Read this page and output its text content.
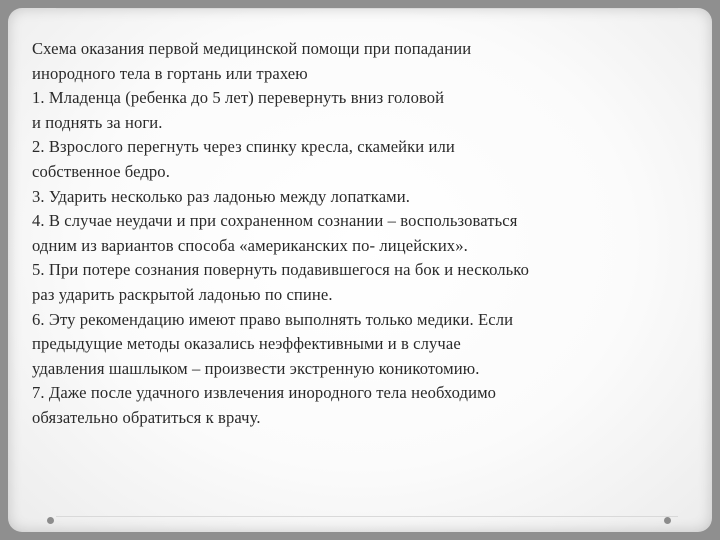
Схема оказания первой медицинской помощи при попадании
инородного тела в гортань или трахею
1. Младенца (ребенка до 5 лет) перевернуть вниз головой
и поднять за ноги.
2. Взрослого перегнуть через спинку кресла, скамейки или
собственное бедро.
3. Ударить несколько раз ладонью между лопатками.
4. В случае неудачи и при сохраненном сознании – воспользоваться
одним из вариантов способа «американских по- лицейских».
5. При потере сознания повернуть подавившегося на бок и несколько
раз ударить раскрытой ладонью по спине.
6. Эту рекомендацию имеют право выполнять только медики. Если
предыдущие методы оказались неэффективными и в случае
удавления шашлыком – произвести экстренную коникотомию.
7. Даже после удачного извлечения инородного тела необходимо
обязательно обратиться к врачу.
